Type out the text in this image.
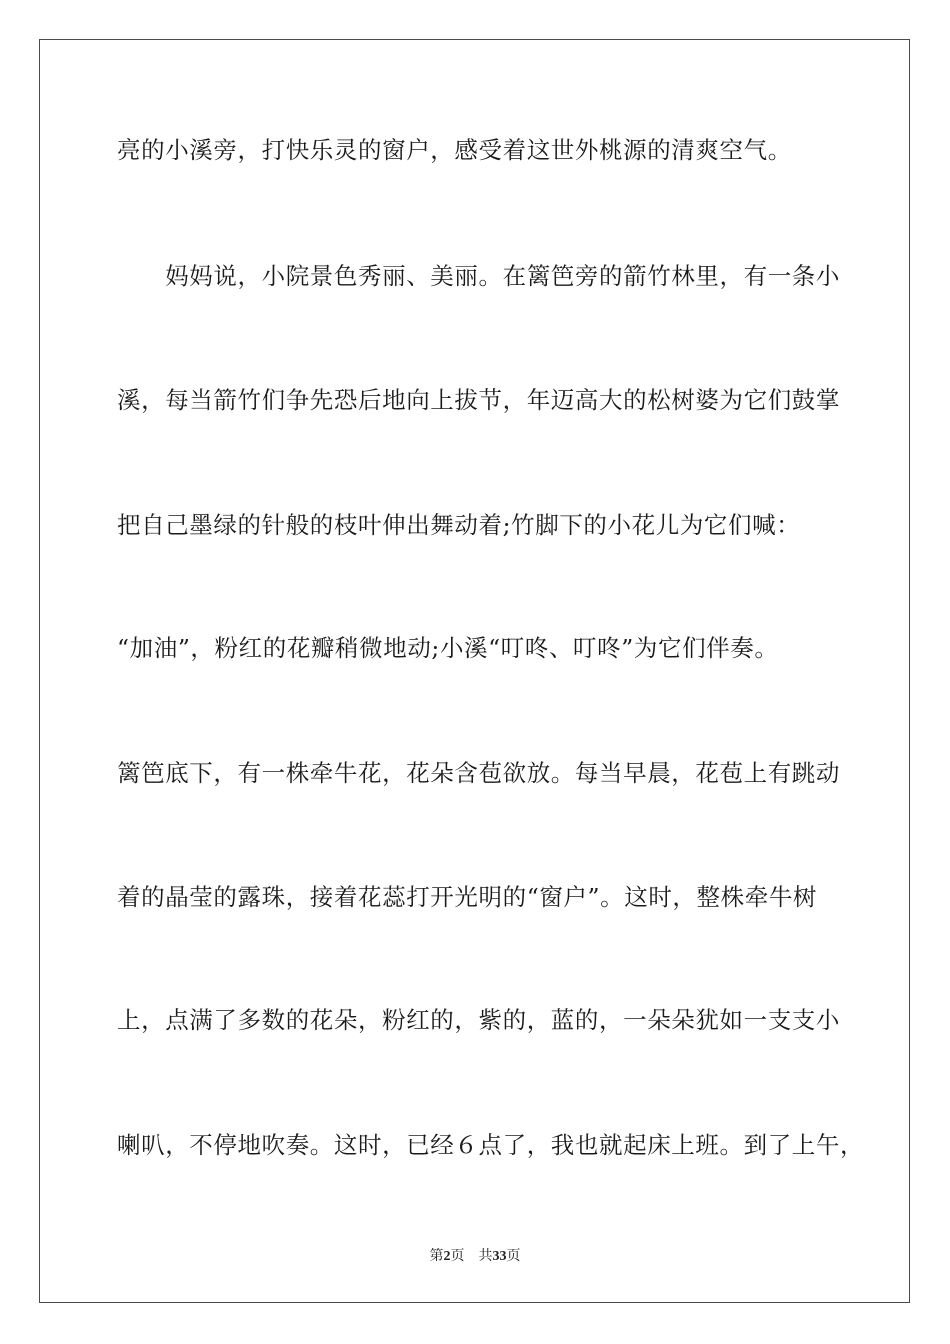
亮的小溪旁，打快乐灵的窗户，感受着这世外桃源的清爽空气。
　　妈妈说，小院景色秀丽、美丽。在篱笆旁的箭竹林里，有一条小
溪，每当箭竹们争先恐后地向上拔节，年迈高大的松树婆为它们鼓掌
把自己墨绿的针般的枝叶伸出舞动着;竹脚下的小花儿为它们喊：
“加油”，粉红的花瓣稍微地动;小溪“叮咚、叮咚”为它们伴奏。
篱笆底下，有一株牵牛花，花朵含苞欲放。每当早晨，花苞上有跳动
着的晶莹的露珠，接着花蕊打开光明的“窗户”。这时，整株牵牛树
上，点满了多数的花朵，粉红的，紫的，蓝的，一朵朵犹如一支支小
喇叭，不停地吹奏。这时，已经６点了，我也就起床上班。到了上午，
第2页 共33页
